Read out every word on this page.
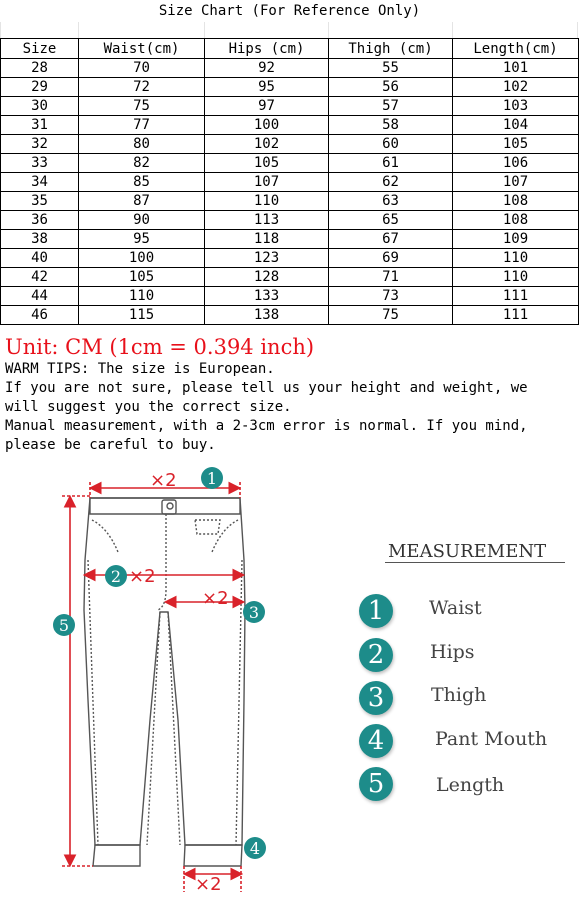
Size Chart (For Reference Only)
Size	Waist(cm)	Hips (cm)	Thigh (cm)	Length(cm)
28	70	92	55	101
29	72	95	56	102
30	75	97	57	103
31	77	100	58	104
32	80	102	60	105
33	82	105	61	106
34	85	107	62	107
35	87	110	63	108
36	90	113	65	108
38	95	118	67	109
40	100	123	69	110
42	105	128	71	110
44	110	133	73	111
46	115	138	75	111
Unit: CM (1cm = 0.394 inch)
WARM TIPS: The size is European.
If you are not sure, please tell us your height and weight, we
will suggest you the correct size.
Manual measurement, with a 2-3cm error is normal. If you mind,
please be careful to buy.
×2 1
2 ×2
×2
3
4
×2
5
MEASUREMENT
1	Waist
2	Hips
3	Thigh
4	Pant Mouth
5	Length
